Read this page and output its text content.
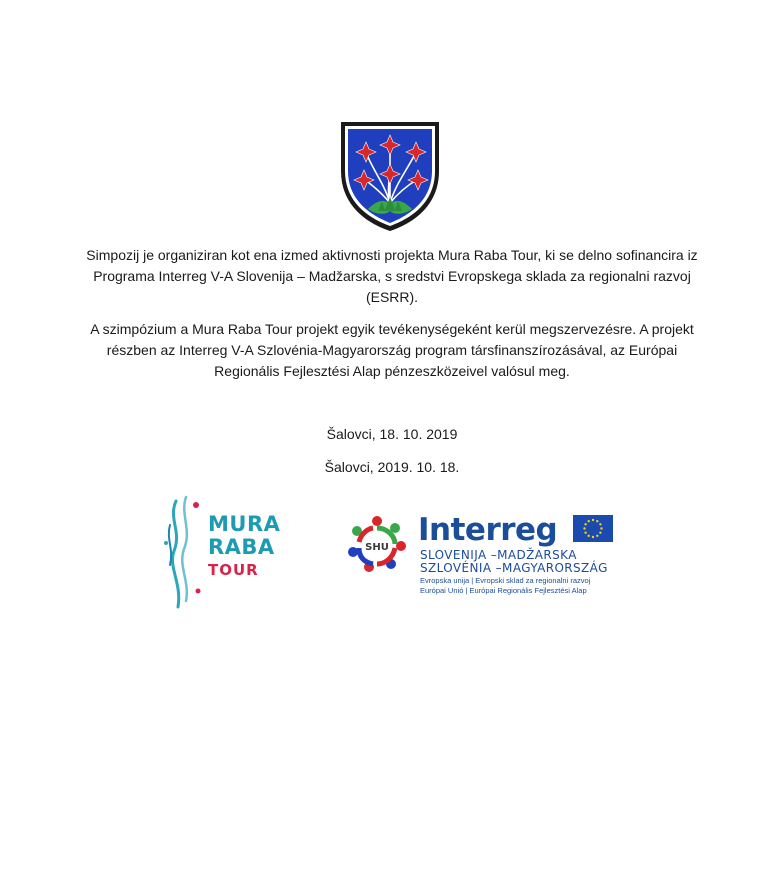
Simpozij je organiziran kot ena izmed aktivnosti projekta Mura Raba Tour, ki se delno sofinancira iz Programa Interreg V-A Slovenija – Madžarska, s sredstvi Evropskega sklada za regionalni razvoj (ESRR).
A szimpózium a Mura Raba Tour projekt egyik tevékenységeként kerül megszervezésre. A projekt részben az Interreg V-A Szlovénia-Magyarország program társfinanszírozásával, az Európai Regionális Fejlesztési Alap pénzeszközeivel valósul meg.
Šalovci, 18. 10. 2019
Šalovci, 2019. 10. 18.
MURA
RABA
TOUR
SHU Interreg
SLOVENIJA –MADŽARSKA
SZLOVÉNIA –MAGYARORSZÁG
Evropska unija | Evropski sklad za regionalni razvoj
Európai Unió | Európai Regionális Fejlesztési Alap
